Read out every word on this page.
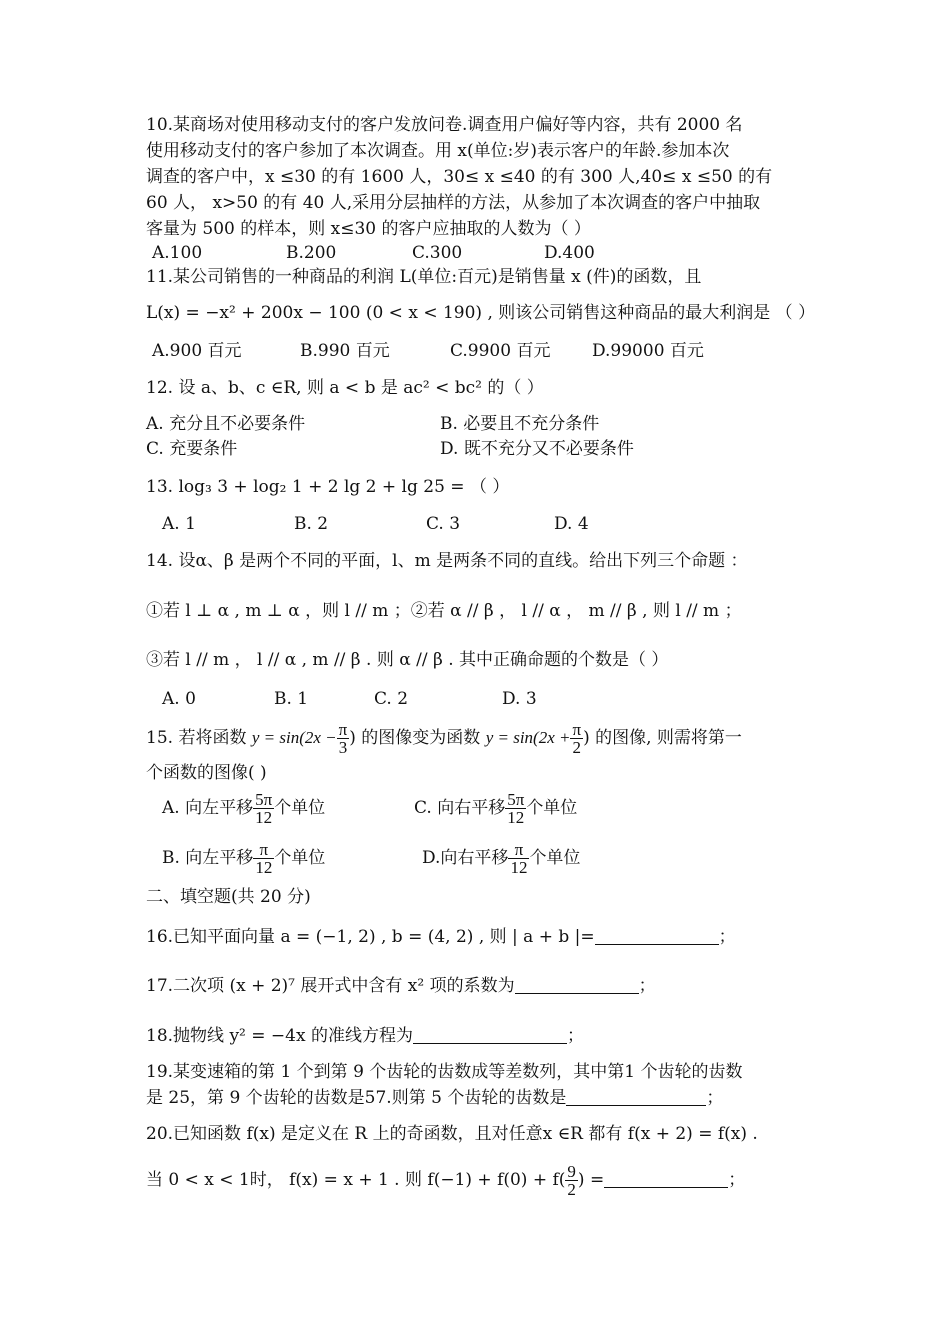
10.某商场对使用移动支付的客户发放问卷.调查用户偏好等内容，共有 2000 名
使用移动支付的客户参加了本次调查。用 x(单位:岁)表示客户的年龄.参加本次
调查的客户中，x ≤30 的有 1600 人，30≤ x ≤40 的有 300 人,40≤ x ≤50 的有
60 人， x>50 的有 40 人,采用分层抽样的方法，从参加了本次调查的客户中抽取
客量为 500 的样本，则 x≤30 的客户应抽取的人数为（ ）
A.100	B.200	C.300	D.400
11.某公司销售的一种商品的利润 L(单位:百元)是销售量 x (件)的函数，且
L(x) = −x² + 200x − 100 (0 < x < 190) , 则该公司销售这种商品的最大利润是 （ ）
A.900 百元	B.990 百元	C.9900 百元 D.99000 百元
12. 设 a、b、c ∈R, 则 a < b 是 ac² < bc² 的（ ）
A. 充分且不必要条件	B. 必要且不充分条件
C. 充要条件	D. 既不充分又不必要条件
13. log₃ 3 + log₂ 1 + 2 lg 2 + lg 25 = （ ）
A. 1	B. 2	C. 3	D. 4
14. 设α、β 是两个不同的平面，l、m 是两条不同的直线。给出下列三个命题 ：
①若 l ⊥ α , m ⊥ α ，则 l // m ；②若 α // β ， l // α ， m // β , 则 l // m ；
③若 l // m ， l // α , m // β . 则 α // β . 其中正确命题的个数是（ ）
A. 0	B. 1	C. 2	D. 3
15. 若将函数 $y = \sin(2x - \frac{\pi}{3}$ ) 的图像变为函数 $y = \sin(2x + \frac{\pi}{2}$ ) 的图像, 则需将第一
个函数的图像( )
A. 向左平移 $\frac{5\pi}{12}$ 个单位	C. 向右平移 $\frac{5\pi}{12}$ 个单位
B. 向左平移 $\frac{\pi}{12}$ 个单位	D.向右平移 $\frac{\pi}{12}$ 个单位
二、填空题(共 20 分)
16.已知平面向量 a = (−1, 2) , b = (4, 2) , 则 | a + b |=	；
17.二次项 (x + 2)⁷ 展开式中含有 x² 项的系数为	；
18.抛物线 y² = −4x 的准线方程为	；
19.某变速箱的第 1 个到第 9 个齿轮的齿数成等差数列，其中第1 个齿轮的齿数
是 25，第 9 个齿轮的齿数是57.则第 5 个齿轮的齿数是	；
20.已知函数 f(x) 是定义在 R 上的奇函数，且对任意x ∈R 都有 f(x + 2) = f(x) .
当 0 < x < 1时， f(x) = x + 1 . 则 $f(-1) + f(0) + f( \frac{9}{2}$ ) =	；
